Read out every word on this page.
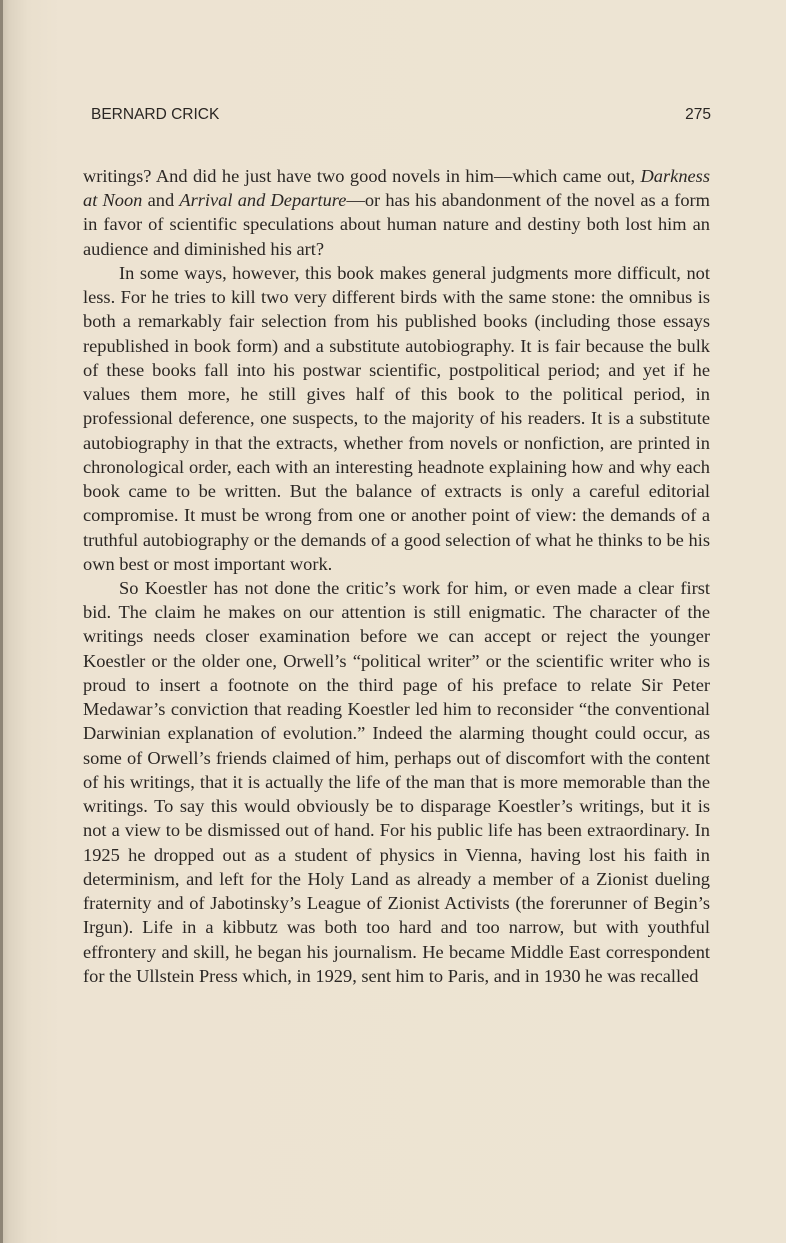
BERNARD CRICK	275

writings? And did he just have two good novels in him—which came out, Darkness at Noon and Arrival and Departure—or has his abandonment of the novel as a form in favor of scientific speculations about human nature and destiny both lost him an audience and diminished his art?

In some ways, however, this book makes general judgments more difficult, not less. For he tries to kill two very different birds with the same stone: the omnibus is both a remarkably fair selection from his published books (including those essays republished in book form) and a substitute autobiography. It is fair because the bulk of these books fall into his postwar scientific, postpolitical period; and yet if he values them more, he still gives half of this book to the political period, in professional deference, one suspects, to the majority of his readers. It is a substitute autobiography in that the extracts, whether from novels or nonfiction, are printed in chronological order, each with an interesting headnote explaining how and why each book came to be written. But the balance of extracts is only a careful editorial compromise. It must be wrong from one or another point of view: the demands of a truthful autobiography or the demands of a good selection of what he thinks to be his own best or most important work.

So Koestler has not done the critic’s work for him, or even made a clear first bid. The claim he makes on our attention is still enigmatic. The character of the writings needs closer examination before we can accept or reject the younger Koestler or the older one, Orwell’s “political writer” or the scientific writer who is proud to insert a footnote on the third page of his preface to relate Sir Peter Medawar’s conviction that reading Koestler led him to reconsider “the conventional Darwinian explanation of evolution.” Indeed the alarming thought could occur, as some of Orwell’s friends claimed of him, perhaps out of discomfort with the content of his writings, that it is actually the life of the man that is more memorable than the writings. To say this would obviously be to disparage Koestler’s writings, but it is not a view to be dismissed out of hand. For his public life has been extraordinary. In 1925 he dropped out as a student of physics in Vienna, having lost his faith in determinism, and left for the Holy Land as already a member of a Zionist dueling fraternity and of Jabotinsky’s League of Zionist Activists (the forerunner of Begin’s Irgun). Life in a kibbutz was both too hard and too narrow, but with youthful effrontery and skill, he began his journalism. He became Middle East correspondent for the Ullstein Press which, in 1929, sent him to Paris, and in 1930 he was recalled
